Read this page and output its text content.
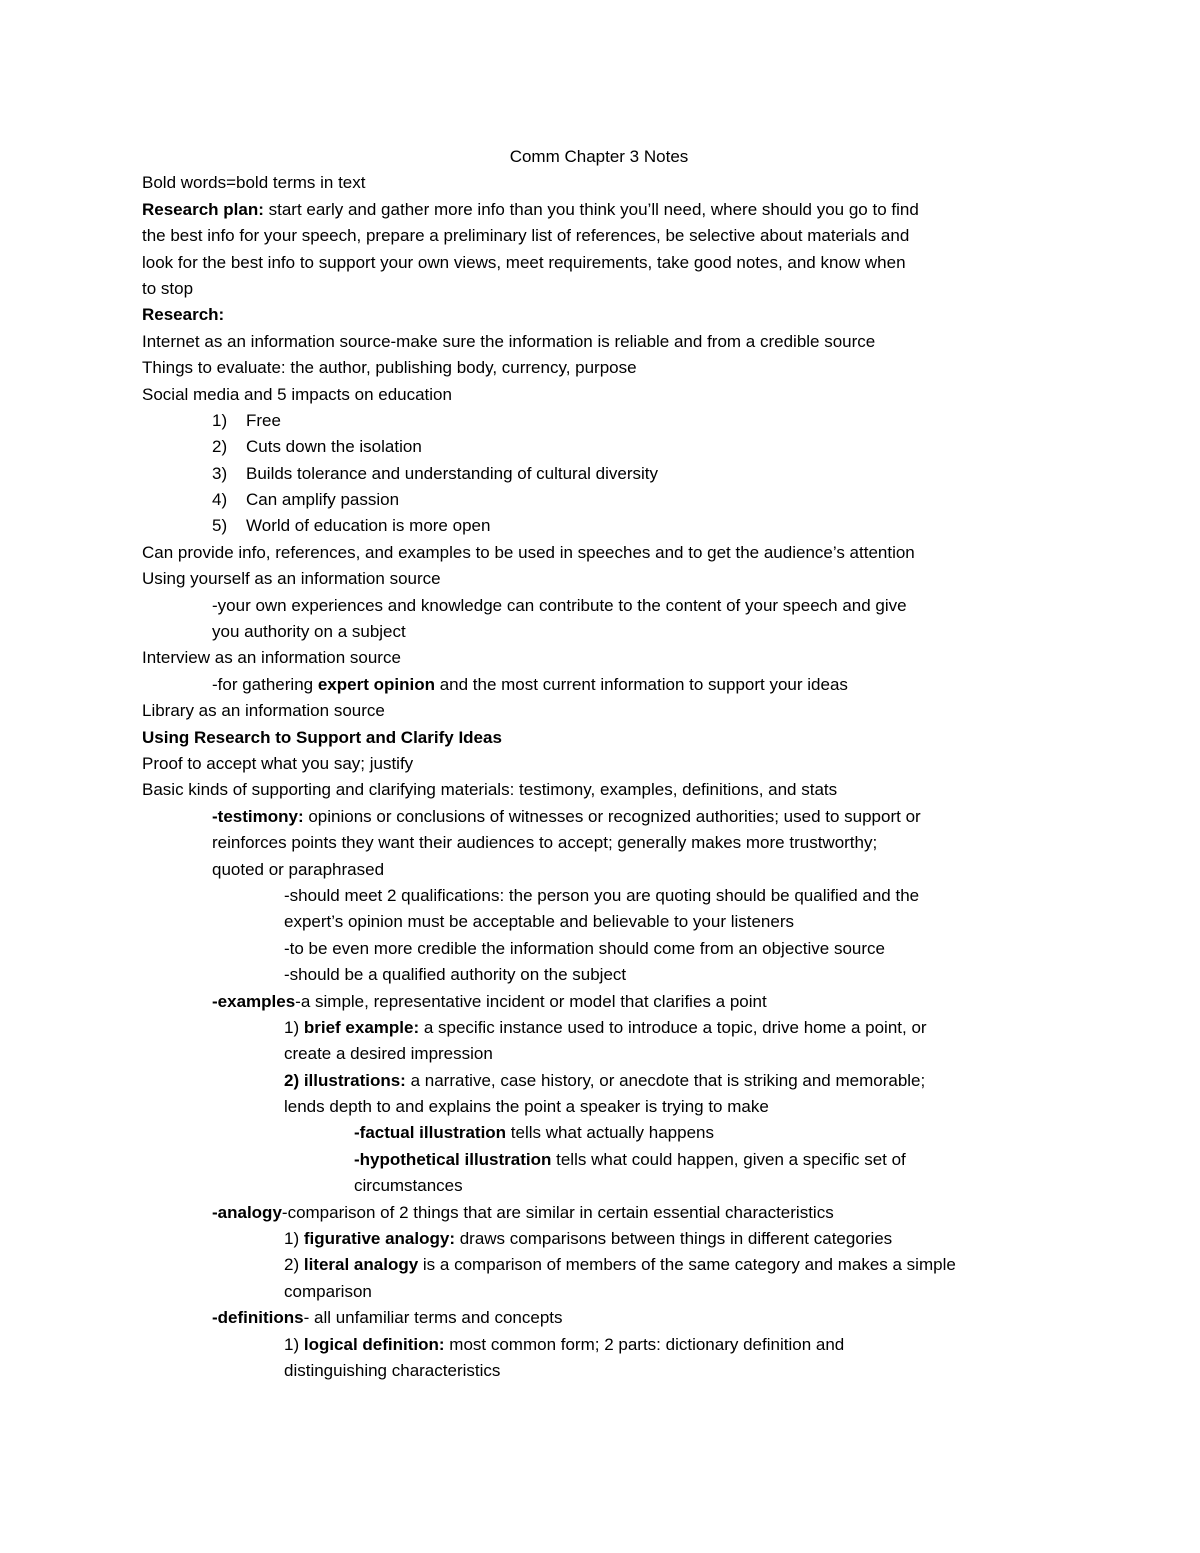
Comm Chapter 3 Notes
Bold words=bold terms in text
Research plan: start early and gather more info than you think you’ll need, where should you go to find
the best info for your speech, prepare a preliminary list of references, be selective about materials and
look for the best info to support your own views, meet requirements, take good notes, and know when
to stop
Research:
Internet as an information source-make sure the information is reliable and from a credible source
Things to evaluate: the author, publishing body, currency, purpose
Social media and 5 impacts on education
1) Free
2) Cuts down the isolation
3) Builds tolerance and understanding of cultural diversity
4) Can amplify passion
5) World of education is more open
Can provide info, references, and examples to be used in speeches and to get the audience’s attention
Using yourself as an information source
-your own experiences and knowledge can contribute to the content of your speech and give
you authority on a subject
Interview as an information source
-for gathering expert opinion and the most current information to support your ideas
Library as an information source
Using Research to Support and Clarify Ideas
Proof to accept what you say; justify
Basic kinds of supporting and clarifying materials: testimony, examples, definitions, and stats
-testimony: opinions or conclusions of witnesses or recognized authorities; used to support or
reinforces points they want their audiences to accept; generally makes more trustworthy;
quoted or paraphrased
-should meet 2 qualifications: the person you are quoting should be qualified and the
expert’s opinion must be acceptable and believable to your listeners
-to be even more credible the information should come from an objective source
-should be a qualified authority on the subject
-examples-a simple, representative incident or model that clarifies a point
1) brief example: a specific instance used to introduce a topic, drive home a point, or
create a desired impression
2) illustrations: a narrative, case history, or anecdote that is striking and memorable;
lends depth to and explains the point a speaker is trying to make
-factual illustration tells what actually happens
-hypothetical illustration tells what could happen, given a specific set of
circumstances
-analogy-comparison of 2 things that are similar in certain essential characteristics
1) figurative analogy: draws comparisons between things in different categories
2) literal analogy is a comparison of members of the same category and makes a simple
comparison
-definitions- all unfamiliar terms and concepts
1) logical definition: most common form; 2 parts: dictionary definition and
distinguishing characteristics
